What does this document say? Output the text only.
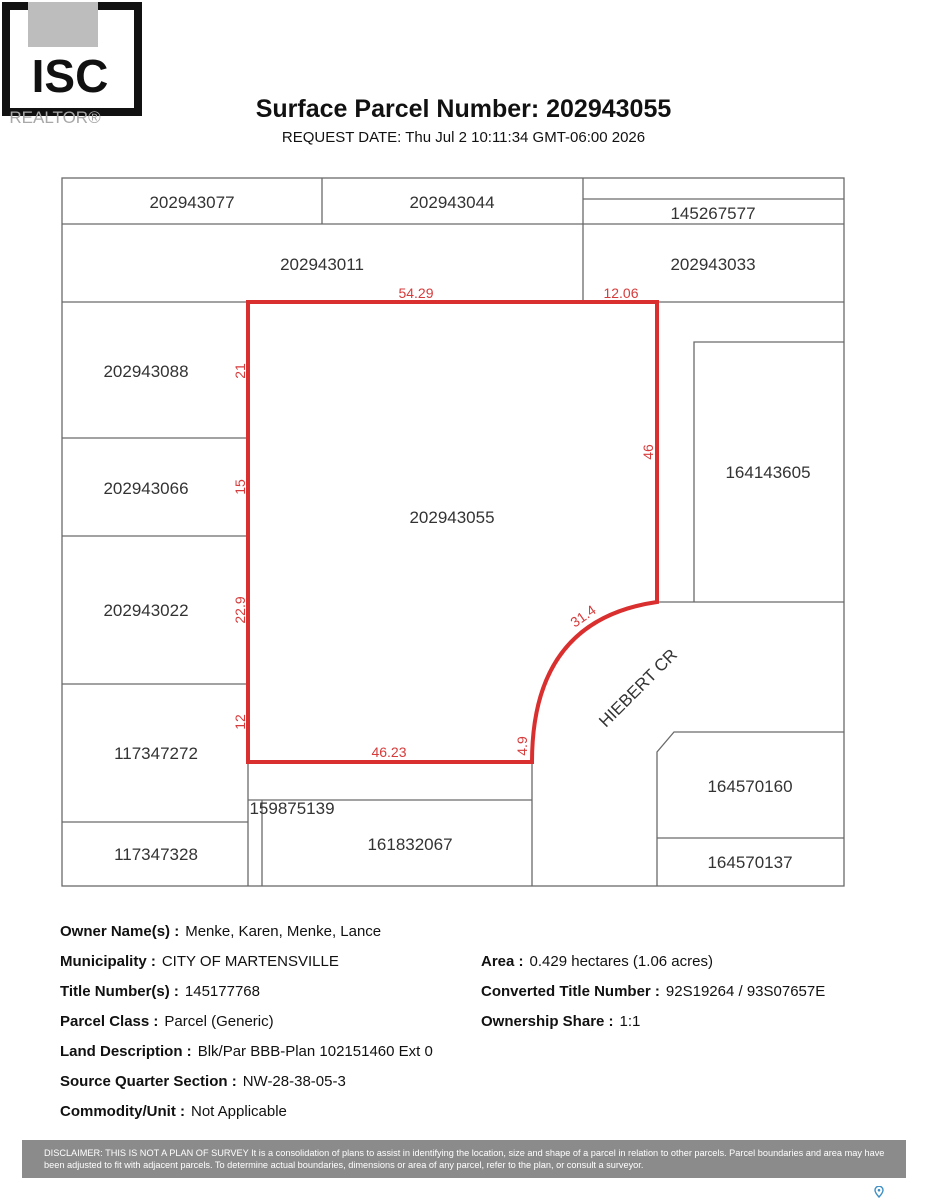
ISC
REALTOR®	Surface Parcel Number: 202943055
REQUEST DATE: Thu Jul 2 10:11:34 GMT-06:00 2026
202943077	202943044
145267577
202943011	202943033
202943088
202943066
202943022
117347272
117347328
159875139
161832067
164143605
164570160
164570137
202943055
HIEBERT CR
54.29	12.06
21
15
22.9
12
46
31.4
46.23	4.9
Owner Name(s) : Menke, Karen, Menke, Lance
Municipality : CITY OF MARTENSVILLE	Area : 0.429 hectares (1.06 acres)
Title Number(s) : 145177768	Converted Title Number : 92S19264 / 93S07657E
Parcel Class : Parcel (Generic)	Ownership Share : 1:1
Land Description : Blk/Par BBB-Plan 102151460 Ext 0
Source Quarter Section : NW-28-38-05-3
Commodity/Unit : Not Applicable
DISCLAIMER: THIS IS NOT A PLAN OF SURVEY It is a consolidation of plans to assist in identifying the location, size and shape of a parcel in relation to other parcels. Parcel boundaries and area may have been adjusted to fit with adjacent parcels. To determine actual boundaries, dimensions or area of any parcel, refer to the plan, or consult a surveyor.
